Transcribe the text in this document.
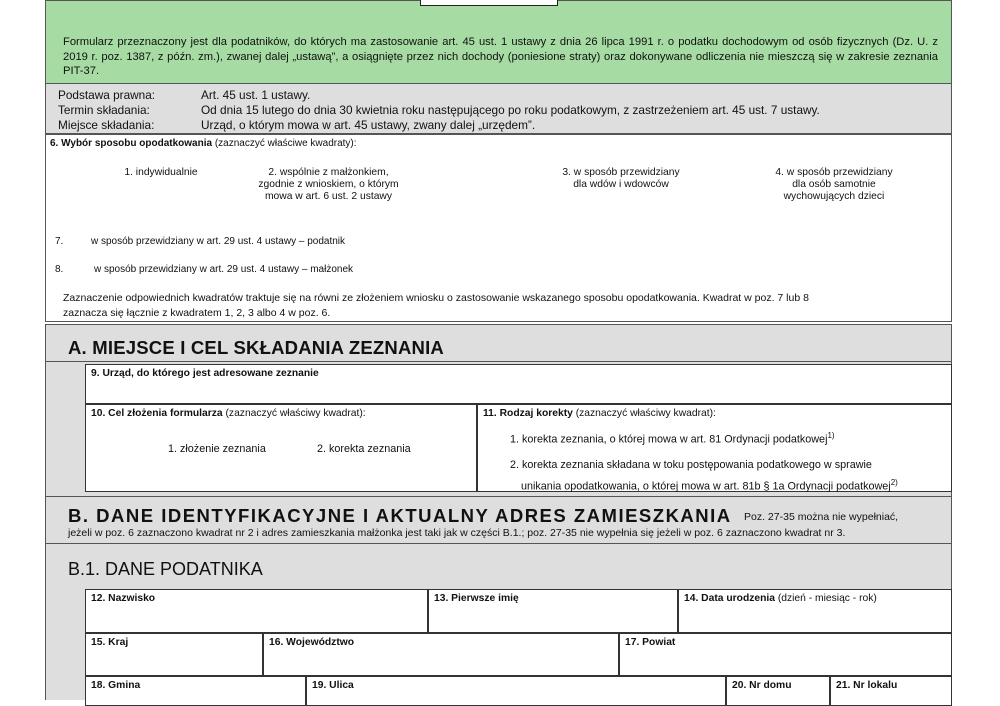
Formularz przeznaczony jest dla podatników, do których ma zastosowanie art. 45 ust. 1 ustawy z dnia 26 lipca 1991 r. o podatku dochodowym od osób fizycznych (Dz. U. z 2019 r. poz. 1387, z późn. zm.), zwanej dalej „ustawą”, a osiągnięte przez nich dochody (poniesione straty) oraz dokonywane odliczenia nie mieszczą się w zakresie zeznania PIT-37.
Podstawa prawna:	Art. 45 ust. 1 ustawy.
Termin składania:	Od dnia 15 lutego do dnia 30 kwietnia roku następującego po roku podatkowym, z zastrzeżeniem art. 45 ust. 7 ustawy.
Miejsce składania:	Urząd, o którym mowa w art. 45 ustawy, zwany dalej „urzędem”.
6. Wybór sposobu opodatkowania (zaznaczyć właściwe kwadraty):
1. indywidualnie	2. wspólnie z małżonkiem,
zgodnie z wnioskiem, o którym
mowa w art. 6 ust. 2 ustawy
3. w sposób przewidziany
dla wdów i wdowców
4. w sposób przewidziany
dla osób samotnie
wychowujących dzieci
7.	w sposób przewidziany w art. 29 ust. 4 ustawy – podatnik
8.	w sposób przewidziany w art. 29 ust. 4 ustawy – małżonek
Zaznaczenie odpowiednich kwadratów traktuje się na równi ze złożeniem wniosku o zastosowanie wskazanego sposobu opodatkowania. Kwadrat w poz. 7 lub 8
zaznacza się łącznie z kwadratem 1, 2, 3 albo 4 w poz. 6.
A. MIEJSCE I CEL SKŁADANIA ZEZNANIA
9. Urząd, do którego jest adresowane zeznanie
10. Cel złożenia formularza (zaznaczyć właściwy kwadrat):
1. złożenie zeznania	2. korekta zeznania
11. Rodzaj korekty (zaznaczyć właściwy kwadrat):
1. korekta zeznania, o której mowa w art. 81 Ordynacji podatkowej$^{1)}$
2. korekta zeznania składana w toku postępowania podatkowego w sprawie
unikania opodatkowania, o której mowa w art. 81b § 1a Ordynacji podatkowej$^{2)}$
B. DANE IDENTYFIKACYJNE I AKTUALNY ADRES ZAMIESZKANIA Poz. 27-35 można nie wypełniać,
jeżeli w poz. 6 zaznaczono kwadrat nr 2 i adres zamieszkania małżonka jest taki jak w części B.1.; poz. 27-35 nie wypełnia się jeżeli w poz. 6 zaznaczono kwadrat nr 3.
B.1. DANE PODATNIKA
12. Nazwisko	13. Pierwsze imię	14. Data urodzenia (dzień - miesiąc - rok)
15. Kraj	16. Województwo	17. Powiat
18. Gmina	19. Ulica	20. Nr domu	21. Nr lokalu
